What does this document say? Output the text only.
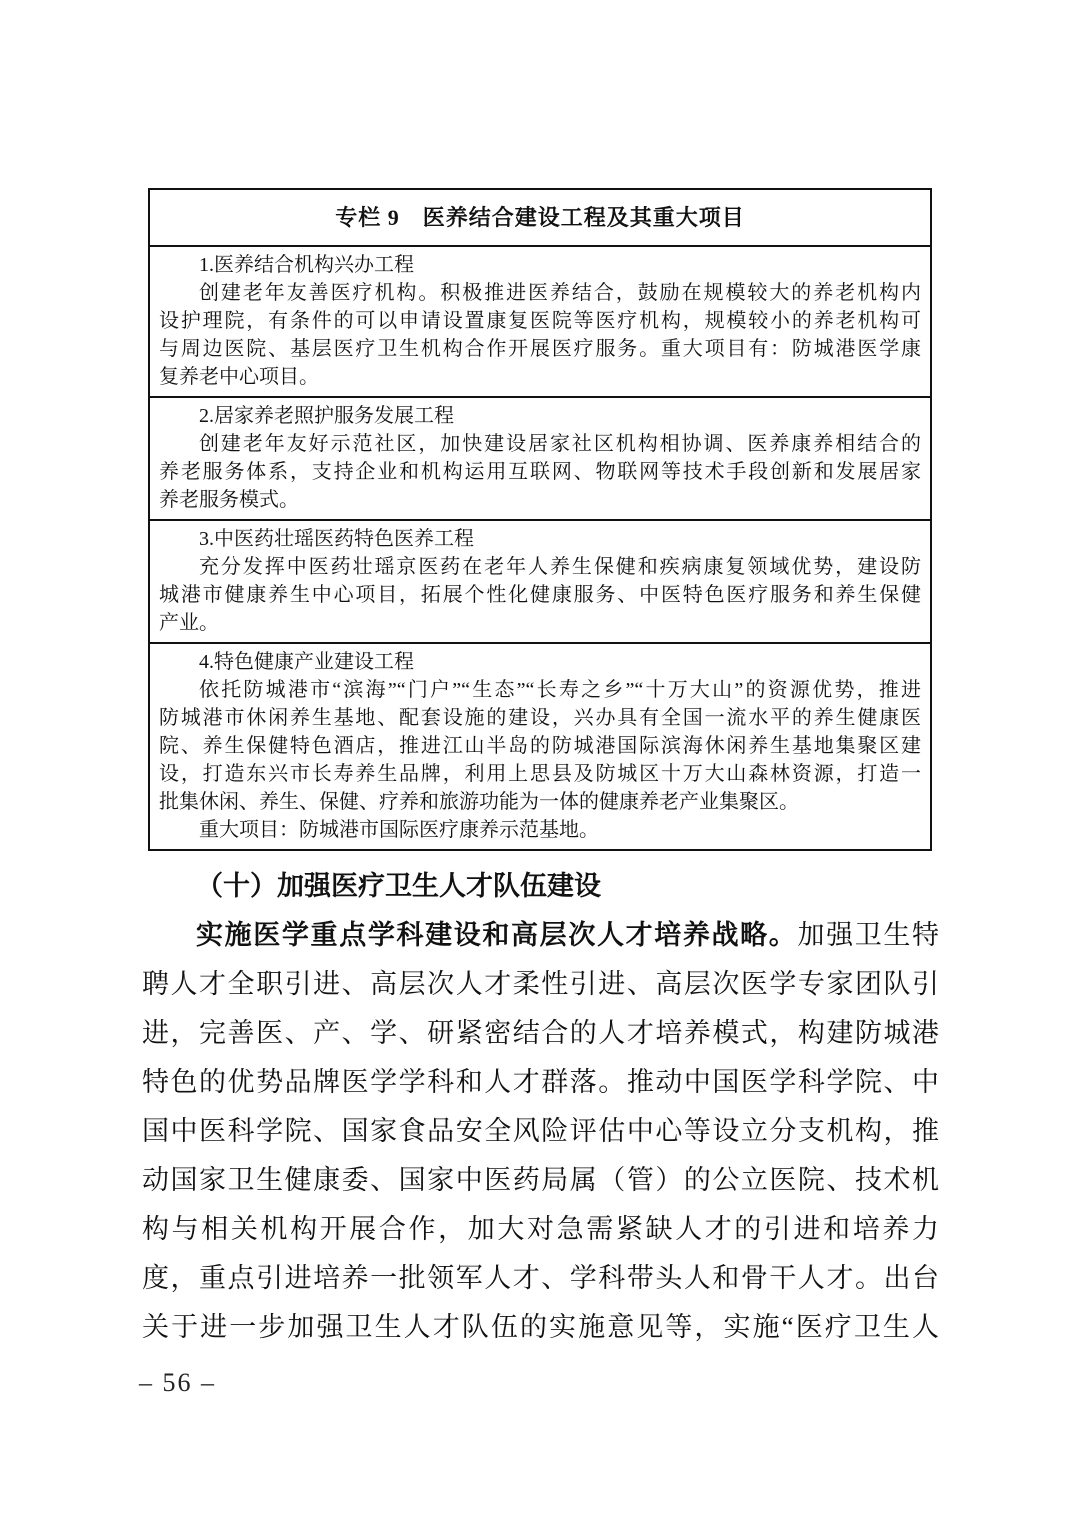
专栏 9　医养结合建设工程及其重大项目
1.医养结合机构兴办工程
创建老年友善医疗机构。积极推进医养结合，鼓励在规模较大的养老机构内
设护理院，有条件的可以申请设置康复医院等医疗机构，规模较小的养老机构可
与周边医院、基层医疗卫生机构合作开展医疗服务。重大项目有：防城港医学康
复养老中心项目。
2.居家养老照护服务发展工程
创建老年友好示范社区，加快建设居家社区机构相协调、医养康养相结合的
养老服务体系，支持企业和机构运用互联网、物联网等技术手段创新和发展居家
养老服务模式。
3.中医药壮瑶医药特色医养工程
充分发挥中医药壮瑶京医药在老年人养生保健和疾病康复领域优势，建设防
城港市健康养生中心项目，拓展个性化健康服务、中医特色医疗服务和养生保健
产业。
4.特色健康产业建设工程
依托防城港市“滨海”“门户”“生态”“长寿之乡”“十万大山”的资源优势，推进
防城港市休闲养生基地、配套设施的建设，兴办具有全国一流水平的养生健康医
院、养生保健特色酒店，推进江山半岛的防城港国际滨海休闲养生基地集聚区建
设，打造东兴市长寿养生品牌，利用上思县及防城区十万大山森林资源，打造一
批集休闲、养生、保健、疗养和旅游功能为一体的健康养老产业集聚区。
重大项目：防城港市国际医疗康养示范基地。
（十）加强医疗卫生人才队伍建设
实施医学重点学科建设和高层次人才培养战略。加强卫生特
聘人才全职引进、高层次人才柔性引进、高层次医学专家团队引
进，完善医、产、学、研紧密结合的人才培养模式，构建防城港
特色的优势品牌医学学科和人才群落。推动中国医学科学院、中
国中医科学院、国家食品安全风险评估中心等设立分支机构，推
动国家卫生健康委、国家中医药局属（管）的公立医院、技术机
构与相关机构开展合作，加大对急需紧缺人才的引进和培养力
度，重点引进培养一批领军人才、学科带头人和骨干人才。出台
关于进一步加强卫生人才队伍的实施意见等，实施“医疗卫生人
– 56 –
